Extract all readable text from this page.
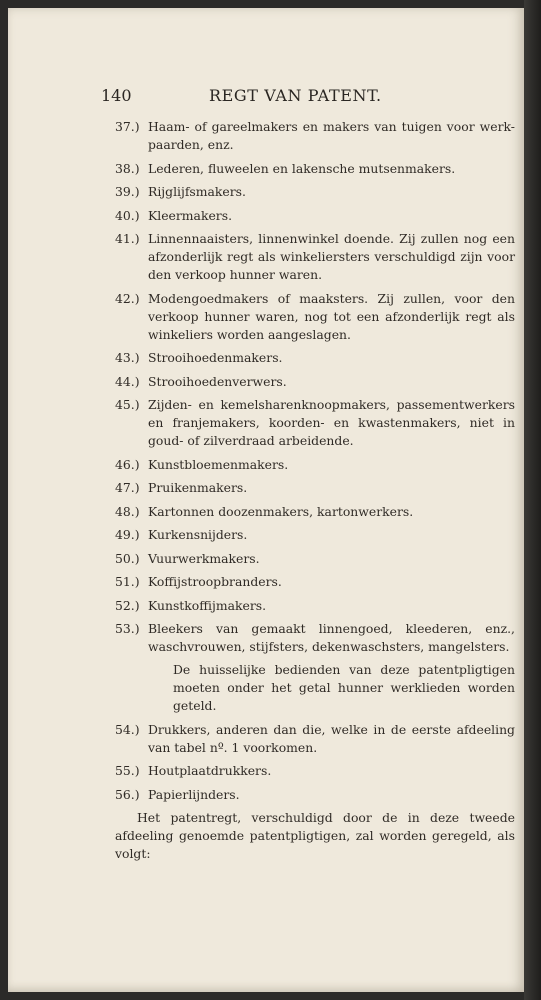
140	REGT VAN PATENT.
37.) Haam- of gareelmakers en makers van tuigen voor werk-paarden, enz.
38.) Lederen, fluweelen en lakensche mutsenmakers.
39.) Rijglijfsmakers.
40.) Kleermakers.
41.) Linnennaaisters, linnenwinkel doende. Zij zullen nog een afzonderlijk regt als winkeliersters verschuldigd zijn voor den verkoop hunner waren.
42.) Modengoedmakers of maaksters. Zij zullen, voor den verkoop hunner waren, nog tot een afzonderlijk regt als winkeliers worden aangeslagen.
43.) Strooihoedenmakers.
44.) Strooihoedenverwers.
45.) Zijden- en kemelsharenknoopmakers, passementwerkers en franjemakers, koorden- en kwastenmakers, niet in goud- of zilverdraad arbeidende.
46.) Kunstbloemenmakers.
47.) Pruikenmakers.
48.) Kartonnen doozenmakers, kartonwerkers.
49.) Kurkensnijders.
50.) Vuurwerkmakers.
51.) Koffijstroopbranders.
52.) Kunstkoffijmakers.
53.) Bleekers van gemaakt linnengoed, kleederen, enz., waschvrouwen, stijfsters, dekenwaschsters, mangelsters.
De huisselijke bedienden van deze patentpligtigen moeten onder het getal hunner werklieden worden geteld.
54.) Drukkers, anderen dan die, welke in de eerste afdeeling van tabel nº. 1 voorkomen.
55.) Houtplaatdrukkers.
56.) Papierlijnders.
Het patentregt, verschuldigd door de in deze tweede afdeeling genoemde patentpligtigen, zal worden geregeld, als volgt:
